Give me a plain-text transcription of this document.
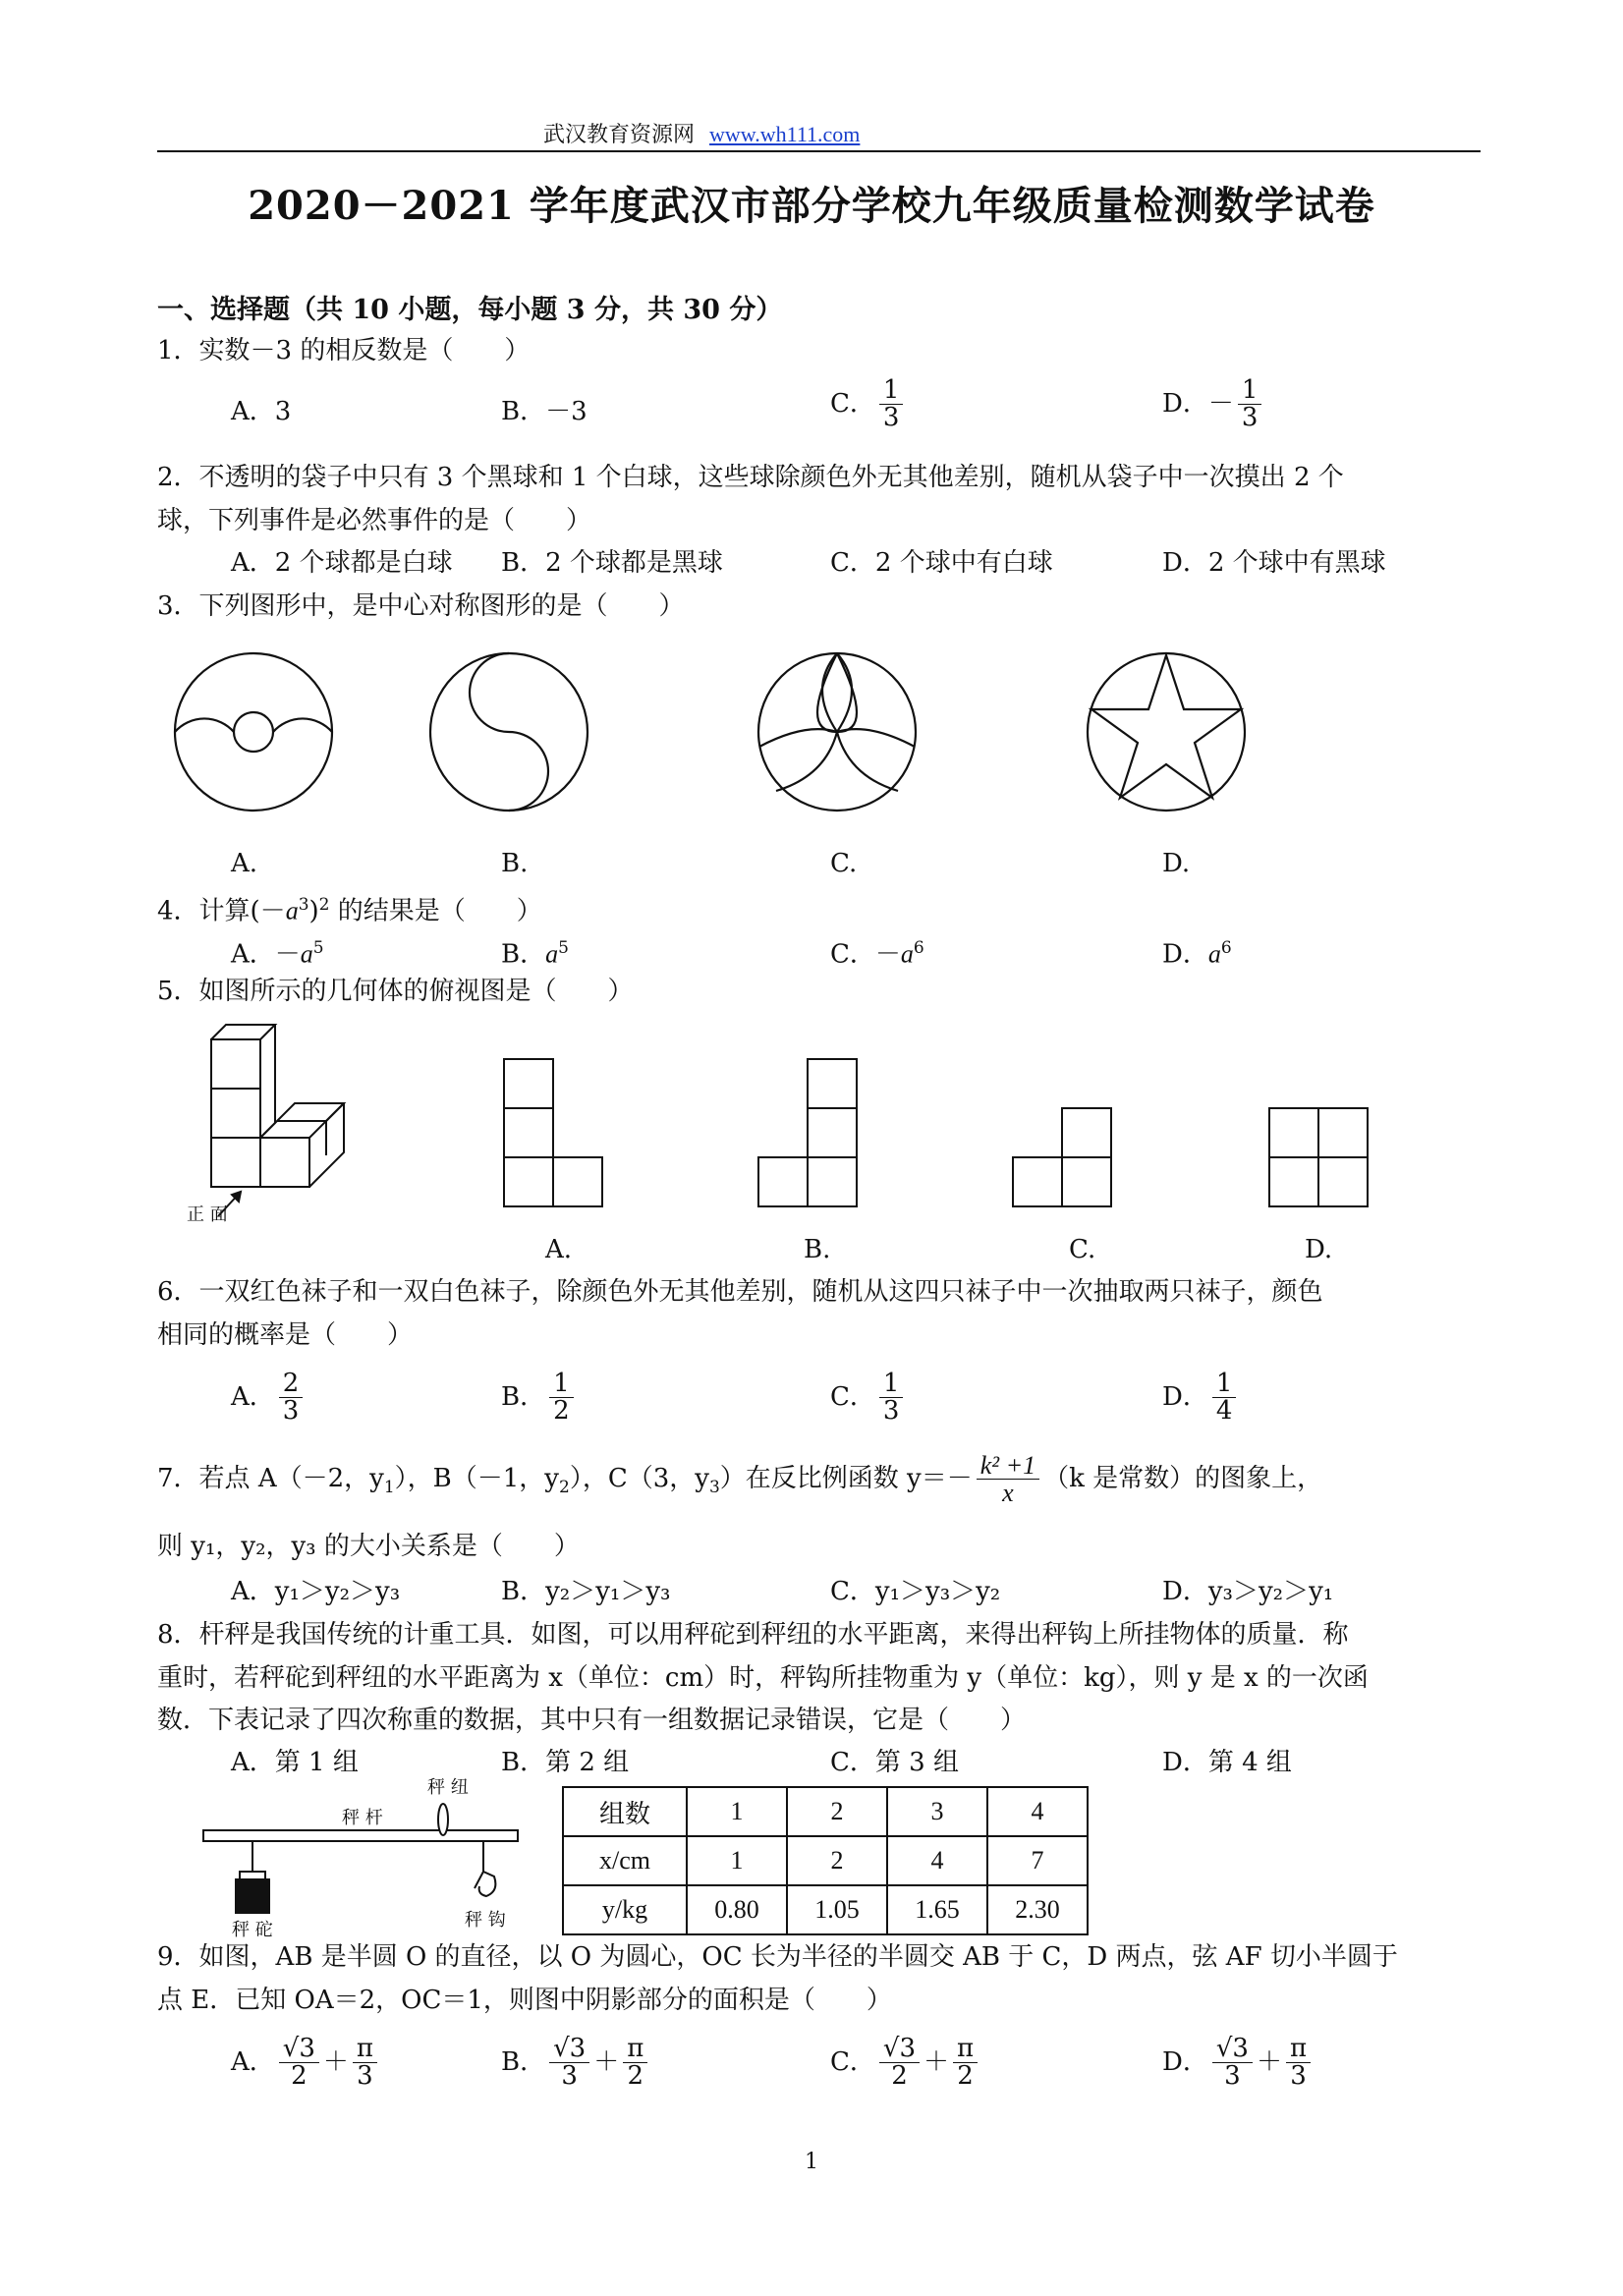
武汉教育资源网 www.wh111.com
2020－2021 学年度武汉市部分学校九年级质量检测数学试卷
一、选择题（共 10 小题，每小题 3 分，共 30 分）
1．实数－3 的相反数是（　　）
A．3	B．－3	C． $\frac{1}{3}$	D．－ $\frac{1}{3}$
2．不透明的袋子中只有 3 个黑球和 1 个白球，这些球除颜色外无其他差别，随机从袋子中一次摸出 2 个
球，下列事件是必然事件的是（　　）
A．2 个球都是白球 B．2 个球都是黑球	C．2 个球中有白球	D．2 个球中有黑球
3．下列图形中，是中心对称图形的是（　　）
A.	B.	C.	D.
4．计算$(-a^3)^2$ 的结果是（　　）
A．$-a^5$	B．$a^5$	C．$-a^6$	D．$a^6$
5．如图所示的几何体的俯视图是（　　）
正 面
A.	B.	C.	D.
6．一双红色袜子和一双白色袜子，除颜色外无其他差别，随机从这四只袜子中一次抽取两只袜子，颜色
相同的概率是（　　）
A． $\frac{2}{3}$	B． $\frac{1}{2}$	C． $\frac{1}{3}$	D． $\frac{1}{4}$
7．若点 A（－2，$y_1$），B（－1，$y_2$），C（3，$y_3$）在反比例函数 $y=- \frac{\text{k² +1}}{x} (k$ 是常数）的图象上，
则 y₁，y₂，y₃ 的大小关系是（　　）
A．y₁＞y₂＞y₃	B．y₂＞y₁＞y₃	C．y₁＞y₃＞y₂	D．y₃＞y₂＞y₁
8．杆秤是我国传统的计重工具．如图，可以用秤砣到秤纽的水平距离，来得出秤钩上所挂物体的质量．称
重时，若秤砣到秤纽的水平距离为 x（单位：cm）时，秤钩所挂物重为 y（单位：kg），则 y 是 x 的一次函
数．下表记录了四次称重的数据，其中只有一组数据记录错误，它是（　　）
A．第 1 组	B．第 2 组	C．第 3 组	D．第 4 组
秤 纽
秤 杆
秤 砣	秤 钩
组数	1	2	3	4
x/cm	1	2	4	7
y/kg	0.80	1.05	1.65	2.30
9．如图，AB 是半圆 O 的直径，以 O 为圆心，OC 长为半径的半圆交 AB 于 C，D 两点，弦 AF 切小半圆于
点 E．已知 OA＝2，OC＝1，则图中阴影部分的面积是（　　）
A． $\frac{√3}{2} + \frac{\pi}{3}$	B． $\frac{√3}{3} + \frac{\pi}{2}$	C． $\frac{√3}{2} + \frac{\pi}{2}$	D． $\frac{√3}{3} + \frac{\pi}{3}$
1
